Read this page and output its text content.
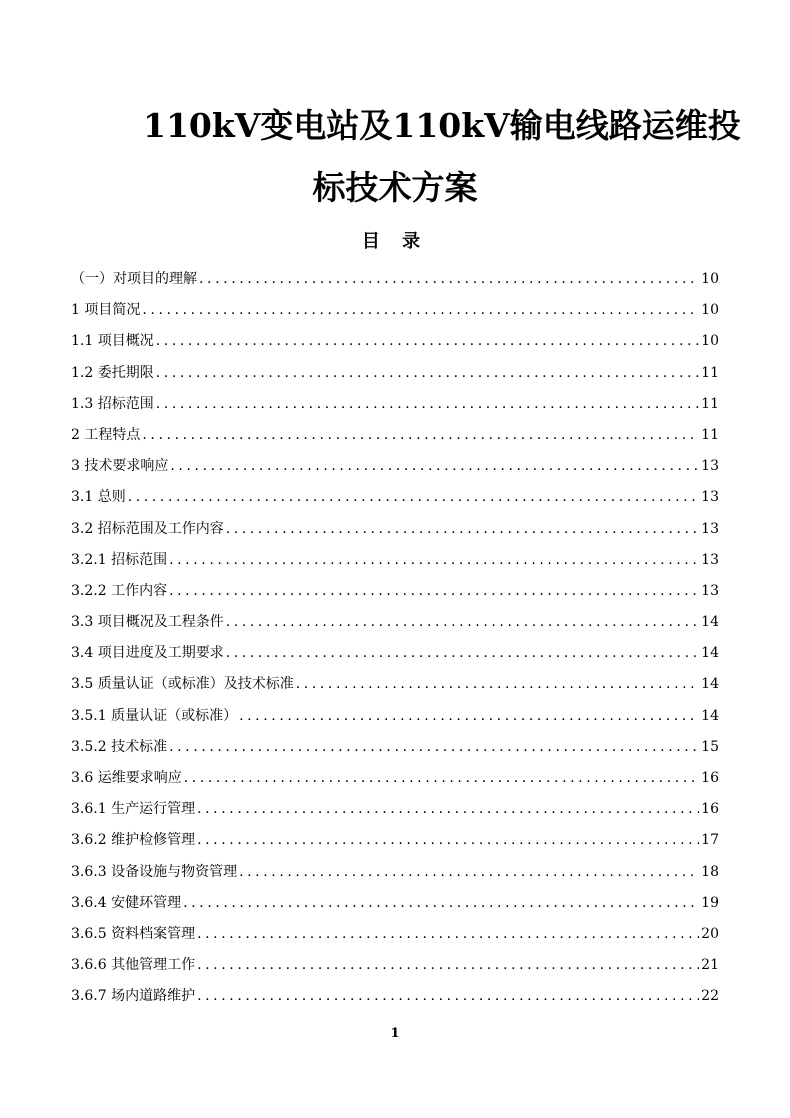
110kV变电站及110kV输电线路运维投
标技术方案
目 录
（一）对项目的理解 .....	10
1 项目简况 .....	10
1.1 项目概况 .....	10
1.2 委托期限 .....	11
1.3 招标范围 .....	11
2 工程特点 .....	11
3 技术要求响应 .....	13
3.1 总则 .....	13
3.2 招标范围及工作内容 .....	13
3.2.1 招标范围 .....	13
3.2.2 工作内容 .....	13
3.3 项目概况及工程条件 .....	14
3.4 项目进度及工期要求 .....	14
3.5 质量认证（或标准）及技术标准 .....	14
3.5.1 质量认证（或标准） .....	14
3.5.2 技术标准 .....	15
3.6 运维要求响应 .....	16
3.6.1 生产运行管理 .....	16
3.6.2 维护检修管理 .....	17
3.6.3 设备设施与物资管理 .....	18
3.6.4 安健环管理 .....	19
3.6.5 资料档案管理 .....	20
3.6.6 其他管理工作 .....	21
3.6.7 场内道路维护 .....	22
1
